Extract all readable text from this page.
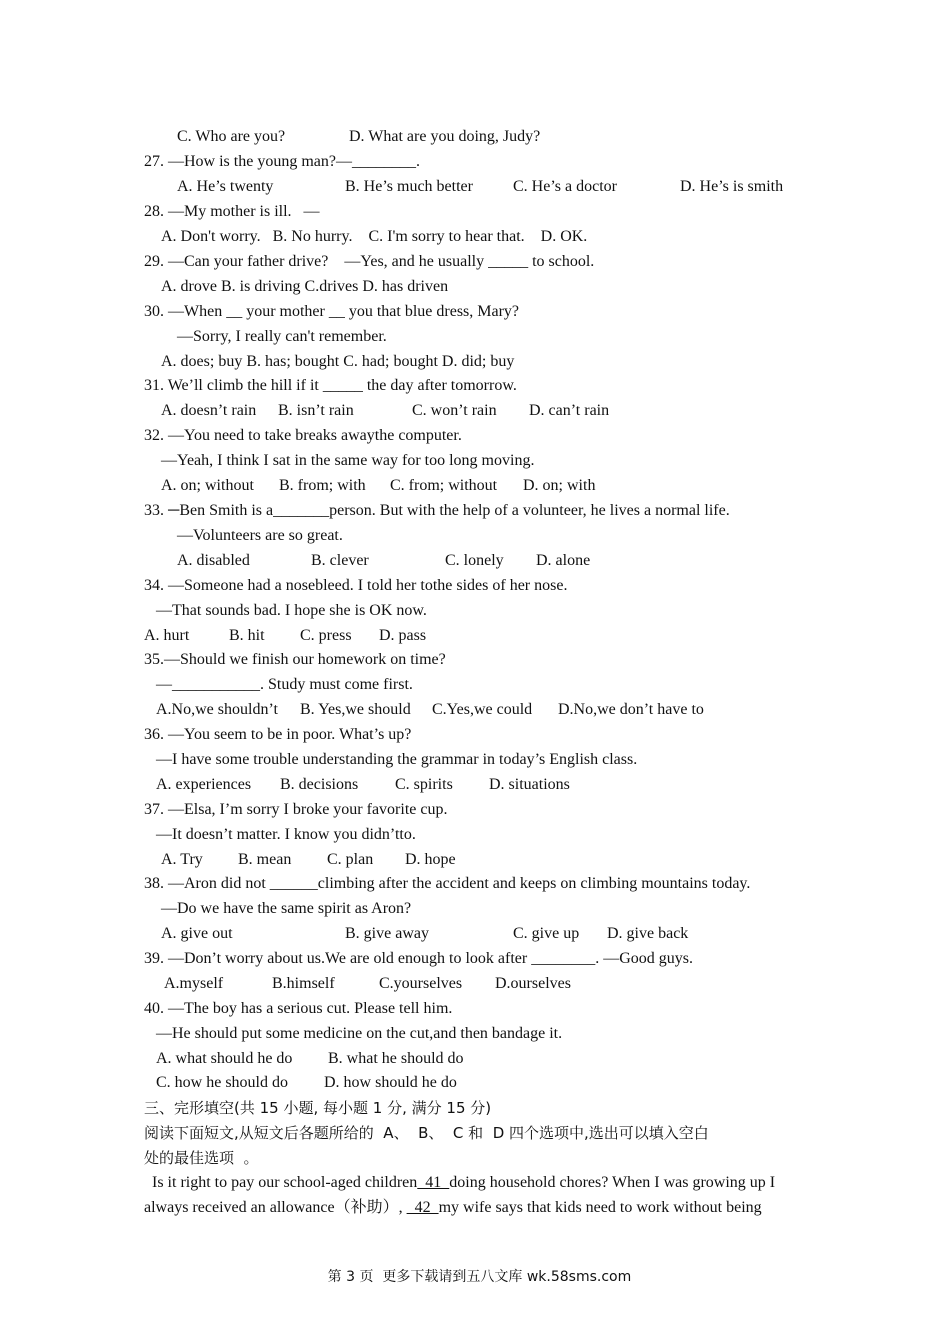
C. Who are you?

	D. What are you doing, Judy?

27. —How is the young man?—________.

A. He’s twenty

	B. He’s much better

	C. He’s a doctor

	D. He’s is smith

28. —My mother is ill.   —

A. Don't worry.   B. No hurry.    C. I'm sorry to hear that.    D. OK.

29. —Can your father drive?    —Yes, and he usually _____ to school.

A. drove B. is driving C.drives D. has driven

30. —When __ your mother __ you that blue dress, Mary?

—Sorry, I really can't remember.

A. does; buy B. has; bought C. had; bought D. did; buy

31. We’ll climb the hill if it _____ the day after tomorrow.

A. doesn’t rain

B. isn’t rain

	C. won’t rain

D. can’t rain

32. —You need to take breaks awaythe computer.

—Yeah, I think I sat in the same way for too long moving.

A. on; without

B. from; with

C. from; without

D. on; with

33. ─Ben Smith is a_______person. But with the help of a volunteer, he lives a normal life.

—Volunteers are so great.

A. disabled

	B. clever

	C. lonely

D. alone

34. —Someone had a nosebleed. I told her tothe sides of her nose.

—That sounds bad. I hope she is OK now.

A. hurt

B. hit

C. press

D. pass

35.—Should we finish our homework on time?

—___________. Study must come first.

A.No,we shouldn’t

B. Yes,we should

C.Yes,we could

D.No,we don’t have to

36. —You seem to be in poor. What’s up?

—I have some trouble understanding the grammar in today’s English class.

A. experiences

B. decisions

C. spirits

D. situations

37. —Elsa, I’m sorry I broke your favorite cup.

—It doesn’t matter. I know you didn’tto.

A. Try

B. mean

C. plan

D. hope

38. —Aron did not ______climbing after the accident and keeps on climbing mountains today.

—Do we have the same spirit as Aron?

A. give out

	B. give away

	C. give up

D. give back

39. —Don’t worry about us.We are old enough to look after ________. —Good guys.

A.myself

	B.himself

	C.yourselves

D.ourselves

40. —The boy has a serious cut. Please tell him.

—He should put some medicine on the cut,and then bandage it.

A. what should he do

B. what he should do

C. how he should do

D. how should he do

三、完形填空(共 15 小题, 每小题 1 分, 满分 15 分)

阅读下面短文,从短文后各题所给的  A、  B、  C 和  D 四个选项中,选出可以填入空白

处的最佳选项  。

Is it right to pay our school-aged children  41  doing household chores? When I was growing up I

always received an allowance（补助）,   42  my wife says that kids need to work without being

第 3 页  更多下载请到五八文库 wk.58sms.com
